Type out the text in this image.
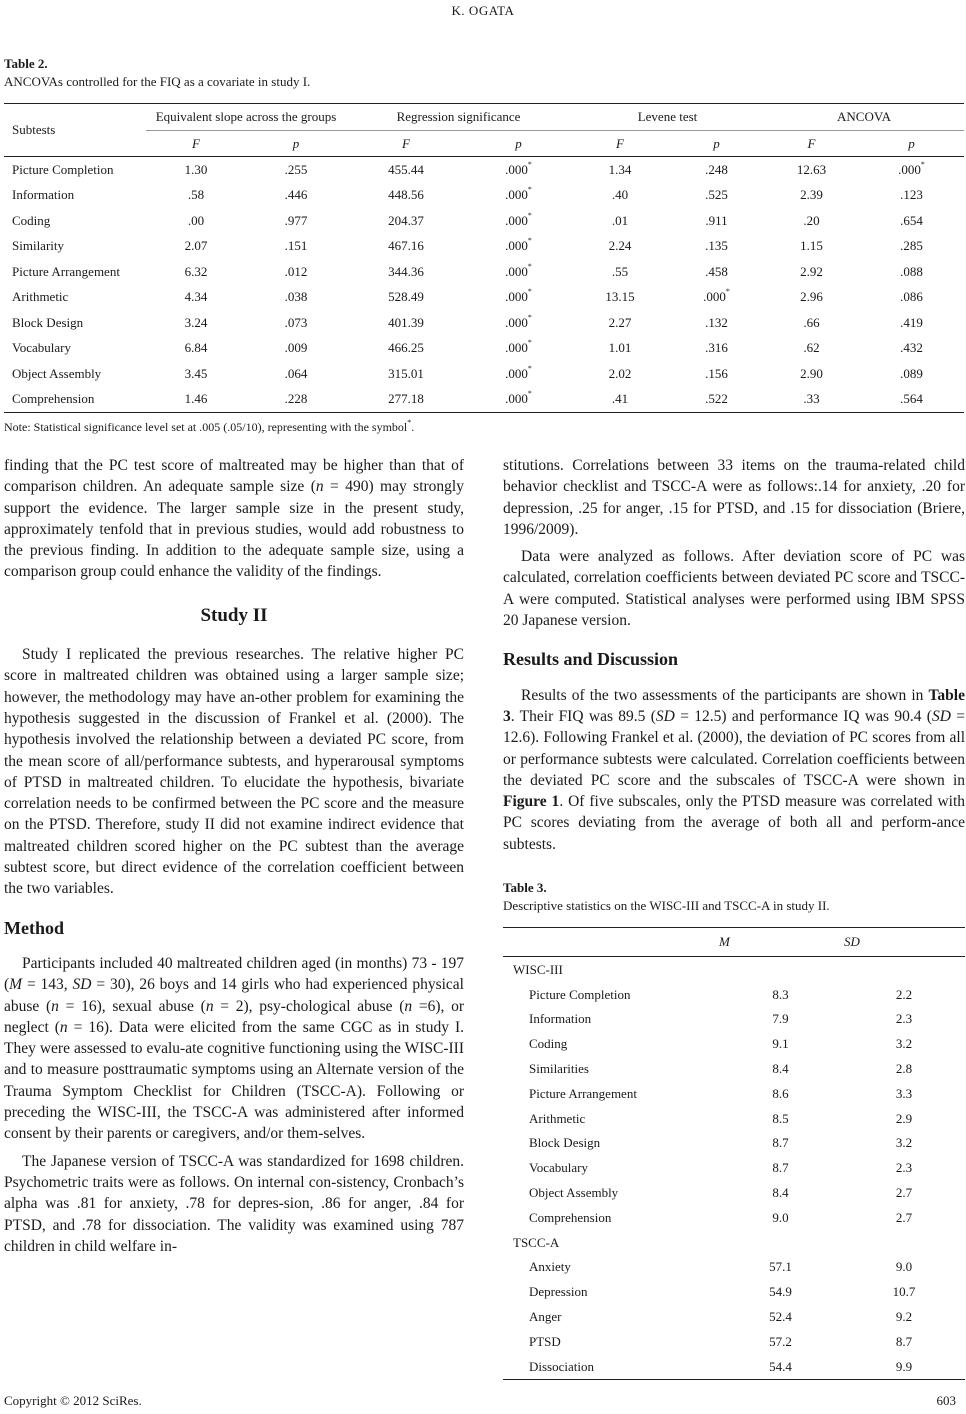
K. OGATA
Table 2.
ANCOVAs controlled for the FIQ as a covariate in study I.
Subtests	Equivalent slope across the groups		Regression significance		Levene test		ANCOVA	
	F	p	F	p	F	p	F	p
Picture Completion	1.30	.255	455.44	.000*	1.34	.248	12.63	.000*
Information	.58	.446	448.56	.000*	.40	.525	2.39	.123
Coding	.00	.977	204.37	.000*	.01	.911	.20	.654
Similarity	2.07	.151	467.16	.000*	2.24	.135	1.15	.285
Picture Arrangement	6.32	.012	344.36	.000*	.55	.458	2.92	.088
Arithmetic	4.34	.038	528.49	.000*	13.15	.000*	2.96	.086
Block Design	3.24	.073	401.39	.000*	2.27	.132	.66	.419
Vocabulary	6.84	.009	466.25	.000*	1.01	.316	.62	.432
Object Assembly	3.45	.064	315.01	.000*	2.02	.156	2.90	.089
Comprehension	1.46	.228	277.18	.000*	.41	.522	.33	.564
Note: Statistical significance level set at .005 (.05/10), representing with the symbol*.

finding that the PC test score of maltreated may be higher than that of comparison children. An adequate sample size (n = 490) may strongly support the evidence. The larger sample size in the present study, approximately tenfold that in previous studies, would add robustness to the previous finding. In addition to the adequate sample size, using a comparison group could enhance the validity of the findings.

Study II

Study I replicated the previous researches. The relative higher PC score in maltreated children was obtained using a larger sample size; however, the methodology may have an-other problem for examining the hypothesis suggested in the discussion of Frankel et al. (2000). The hypothesis involved the relationship between a deviated PC score, from the mean score of all/performance subtests, and hyperarousal symptoms of PTSD in maltreated children. To elucidate the hypothesis, bivariate correlation needs to be confirmed between the PC score and the measure on the PTSD. Therefore, study II did not examine indirect evidence that maltreated children scored higher on the PC subtest than the average subtest score, but direct evidence of the correlation coefficient between the two variables.

Method

Participants included 40 maltreated children aged (in months) 73 - 197 (M = 143, SD = 30), 26 boys and 14 girls who had experienced physical abuse (n = 16), sexual abuse (n = 2), psy-chological abuse (n =6), or neglect (n = 16). Data were elicited from the same CGC as in study I. They were assessed to evalu-ate cognitive functioning using the WISC-III and to measure posttraumatic symptoms using an Alternate version of the Trauma Symptom Checklist for Children (TSCC-A). Following or preceding the WISC-III, the TSCC-A was administered after informed consent by their parents or caregivers, and/or them-selves.

The Japanese version of TSCC-A was standardized for 1698 children. Psychometric traits were as follows. On internal con-sistency, Cronbach’s alpha was .81 for anxiety, .78 for depres-sion, .86 for anger, .84 for PTSD, and .78 for dissociation. The validity was examined using 787 children in child welfare in-

stitutions. Correlations between 33 items on the trauma-related child behavior checklist and TSCC-A were as follows:.14 for anxiety, .20 for depression, .25 for anger, .15 for PTSD, and .15 for dissociation (Briere, 1996/2009).

Data were analyzed as follows. After deviation score of PC was calculated, correlation coefficients between deviated PC score and TSCC-A were computed. Statistical analyses were performed using IBM SPSS 20 Japanese version.

Results and Discussion

Results of the two assessments of the participants are shown in Table 3. Their FIQ was 89.5 (SD = 12.5) and performance IQ was 90.4 (SD = 12.6). Following Frankel et al. (2000), the deviation of PC scores from all or performance subtests were calculated. Correlation coefficients between the deviated PC score and the subscales of TSCC-A were shown in Figure 1. Of five subscales, only the PTSD measure was correlated with PC scores deviating from the average of both all and perform-ance subtests.

Table 3.
Descriptive statistics on the WISC-III and TSCC-A in study II.
	M	SD
WISC-III		
Picture Completion	8.3	2.2
Information	7.9	2.3
Coding	9.1	3.2
Similarities	8.4	2.8
Picture Arrangement	8.6	3.3
Arithmetic	8.5	2.9
Block Design	8.7	3.2
Vocabulary	8.7	2.3
Object Assembly	8.4	2.7
Comprehension	9.0	2.7
TSCC-A		
Anxiety	57.1	9.0
Depression	54.9	10.7
Anger	52.4	9.2
PTSD	57.2	8.7
Dissociation	54.4	9.9
Copyright © 2012 SciRes.	603
